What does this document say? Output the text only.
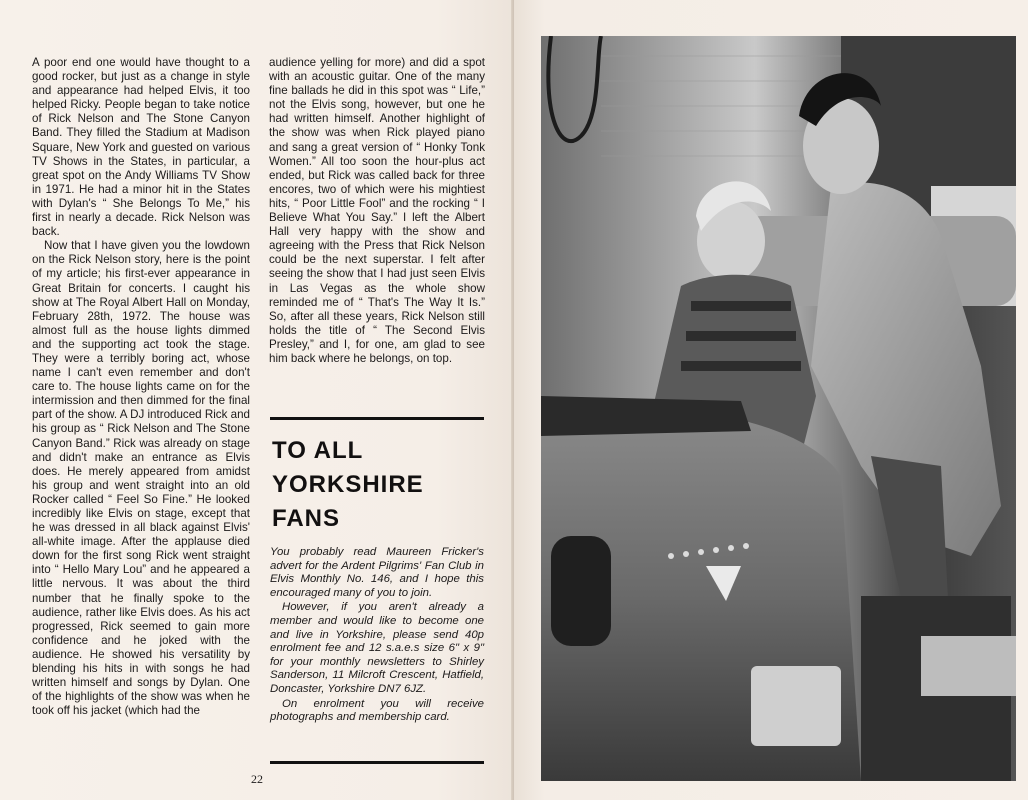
A poor end one would have thought to a good rocker, but just as a change in style and appearance had helped Elvis, it too helped Ricky. People began to take notice of Rick Nelson and The Stone Canyon Band. They filled the Stadium at Madison Square, New York and guested on various TV Shows in the States, in particular, a great spot on the Andy Williams TV Show in 1971. He had a minor hit in the States with Dylan's “ She Belongs To Me,” his first in nearly a decade. Rick Nelson was back.

Now that I have given you the lowdown on the Rick Nelson story, here is the point of my article; his first-ever appearance in Great Britain for concerts. I caught his show at The Royal Albert Hall on Monday, February 28th, 1972. The house was almost full as the house lights dimmed and the supporting act took the stage. They were a terribly boring act, whose name I can't even remember and don't care to. The house lights came on for the intermission and then dimmed for the final part of the show. A DJ introduced Rick and his group as “ Rick Nelson and The Stone Canyon Band.” Rick was already on stage and didn't make an entrance as Elvis does. He merely appeared from amidst his group and went straight into an old Rocker called “ Feel So Fine.” He looked incredibly like Elvis on stage, except that he was dressed in all black against Elvis' all-white image. After the applause died down for the first song Rick went straight into “ Hello Mary Lou” and he appeared a little nervous. It was about the third number that he finally spoke to the audience, rather like Elvis does. As his act progressed, Rick seemed to gain more confidence and he joked with the audience. He showed his versatility by blending his hits in with songs he had written himself and songs by Dylan. One of the highlights of the show was when he took off his jacket (which had the

audience yelling for more) and did a spot with an acoustic guitar. One of the many fine ballads he did in this spot was “ Life,” not the Elvis song, however, but one he had written himself. Another highlight of the show was when Rick played piano and sang a great version of “ Honky Tonk Women.” All too soon the hour-plus act ended, but Rick was called back for three encores, two of which were his mightiest hits, “ Poor Little Fool” and the rocking “ I Believe What You Say.” I left the Albert Hall very happy with the show and agreeing with the Press that Rick Nelson could be the next superstar. I felt after seeing the show that I had just seen Elvis in Las Vegas as the whole show reminded me of “ That's The Way It Is.” So, after all these years, Rick Nelson still holds the title of “ The Second Elvis Presley,” and I, for one, am glad to see him back where he belongs, on top.

TO ALL
YORKSHIRE
FANS

You probably read Maureen Fricker's advert for the Ardent Pilgrims' Fan Club in Elvis Monthly No. 146, and I hope this encouraged many of you to join.

However, if you aren't already a member and would like to become one and live in Yorkshire, please send 40p enrolment fee and 12 s.a.e.s size 6" x 9" for your monthly newsletters to Shirley Sanderson, 11 Milcroft Crescent, Hatfield, Doncaster, Yorkshire DN7 6JZ.

On enrolment you will receive photographs and membership card.

22
